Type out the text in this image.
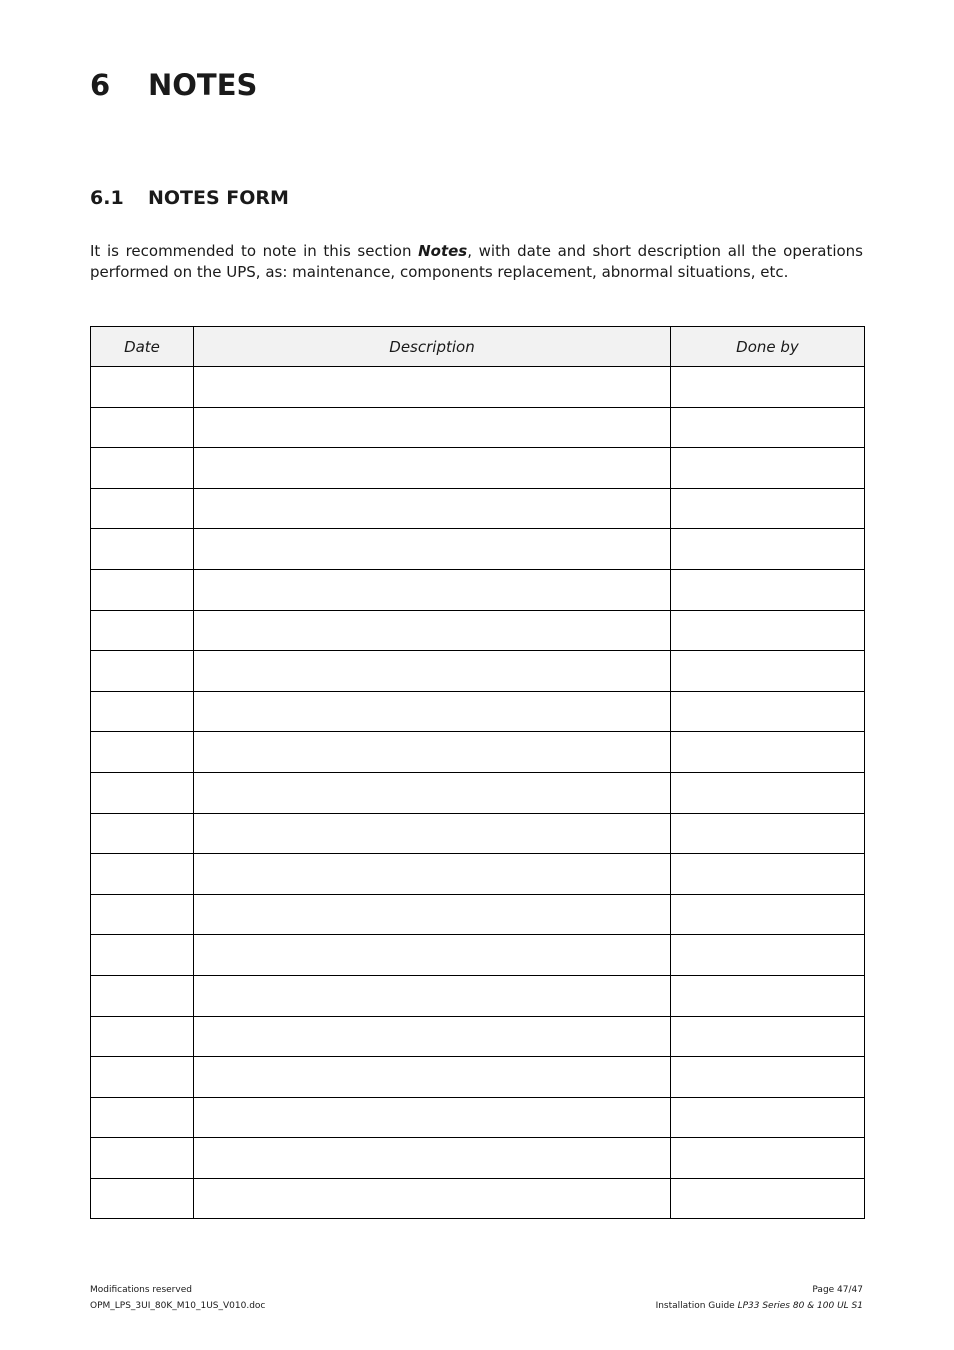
6	NOTES
6.1	NOTES FORM

It is recommended to note in this section Notes, with date and short description all the operations performed on the UPS, as: maintenance, components replacement, abnormal situations, etc.

Date	Description	Done by

Modifications reserved
OPM_LPS_3UI_80K_M10_1US_V010.doc
Page 47/47
Installation Guide LP33 Series 80 & 100 UL S1
